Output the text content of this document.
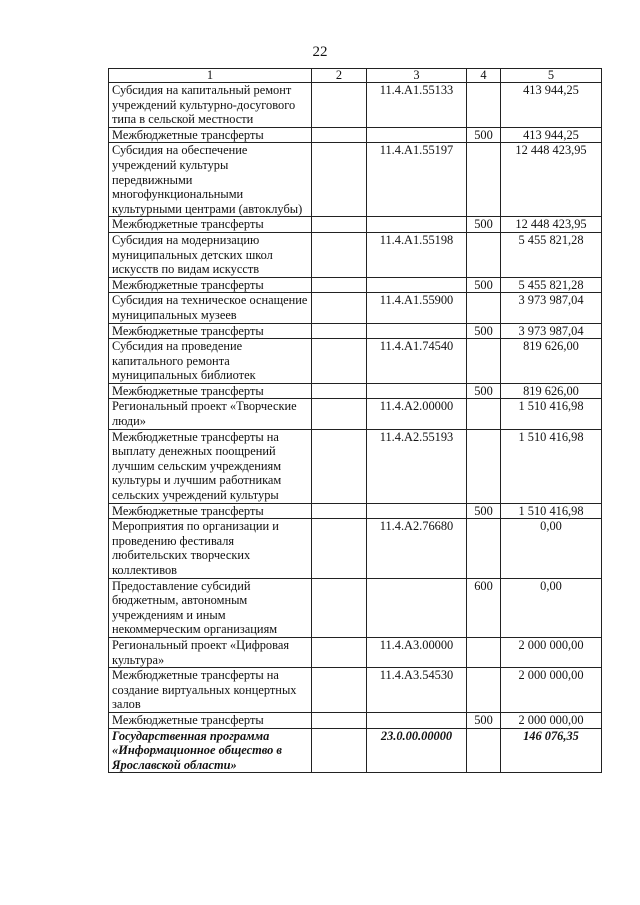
22
1	2	3	4	5
Субсидия на капитальный ремонт учреждений культурно-досугового типа в сельской местности		11.4.A1.55133		413 944,25
Межбюджетные трансферты			500	413 944,25
Субсидия на обеспечение учреждений культуры передвижными многофункциональными культурными центрами (автоклубы)		11.4.A1.55197		12 448 423,95
Межбюджетные трансферты			500	12 448 423,95
Субсидия на модернизацию муниципальных детских школ искусств по видам искусств		11.4.A1.55198		5 455 821,28
Межбюджетные трансферты			500	5 455 821,28
Субсидия на техническое оснащение муниципальных музеев		11.4.A1.55900		3 973 987,04
Межбюджетные трансферты			500	3 973 987,04
Субсидия на проведение капитального ремонта муниципальных библиотек		11.4.A1.74540		819 626,00
Межбюджетные трансферты			500	819 626,00
Региональный проект «Творческие люди»		11.4.A2.00000		1 510 416,98
Межбюджетные трансферты на выплату денежных поощрений лучшим сельским учреждениям культуры и лучшим работникам сельских учреждений культуры		11.4.A2.55193		1 510 416,98
Межбюджетные трансферты			500	1 510 416,98
Мероприятия по организации и проведению фестиваля любительских творческих коллективов		11.4.A2.76680		0,00
Предоставление субсидий бюджетным, автономным учреждениям и иным некоммерческим организациям			600	0,00
Региональный проект «Цифровая культура»		11.4.A3.00000		2 000 000,00
Межбюджетные трансферты на создание виртуальных концертных залов		11.4.A3.54530		2 000 000,00
Межбюджетные трансферты			500	2 000 000,00
Государственная программа «Информационное общество в Ярославской области»		23.0.00.00000		146 076,35
